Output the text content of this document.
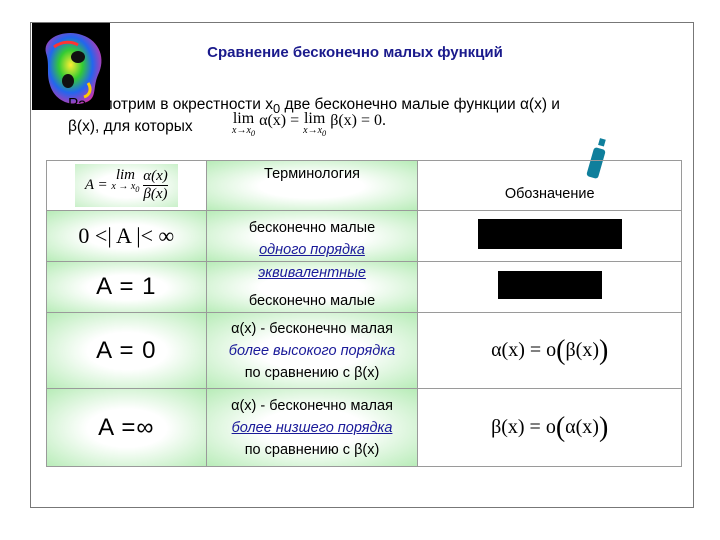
Сравнение бесконечно малых функций
Рассмотрим в окрестности $x_0$ две бесконечно малые функции α(x) и
β(x), для которых	lim
$x\to x_0$
α(x) = lim
$x\to x_0$
β(x) = 0.
A = lim
$x \to x_0$
$\frac{\alpha(x)}{\beta(x)}$	Терминология	Обозначение
0 <| A |< ∞	бесконечно малые
одного порядка	

A = 1	эквивалентные
бесконечно малые	

A = 0	α(x) - бесконечно малая
более высокого порядка
по сравнению с β(x)	α(x) = o(β(x))
A =∞	α(x) - бесконечно малая
более низшего порядка
по сравнению с β(x)	β(x) = o(α(x))
